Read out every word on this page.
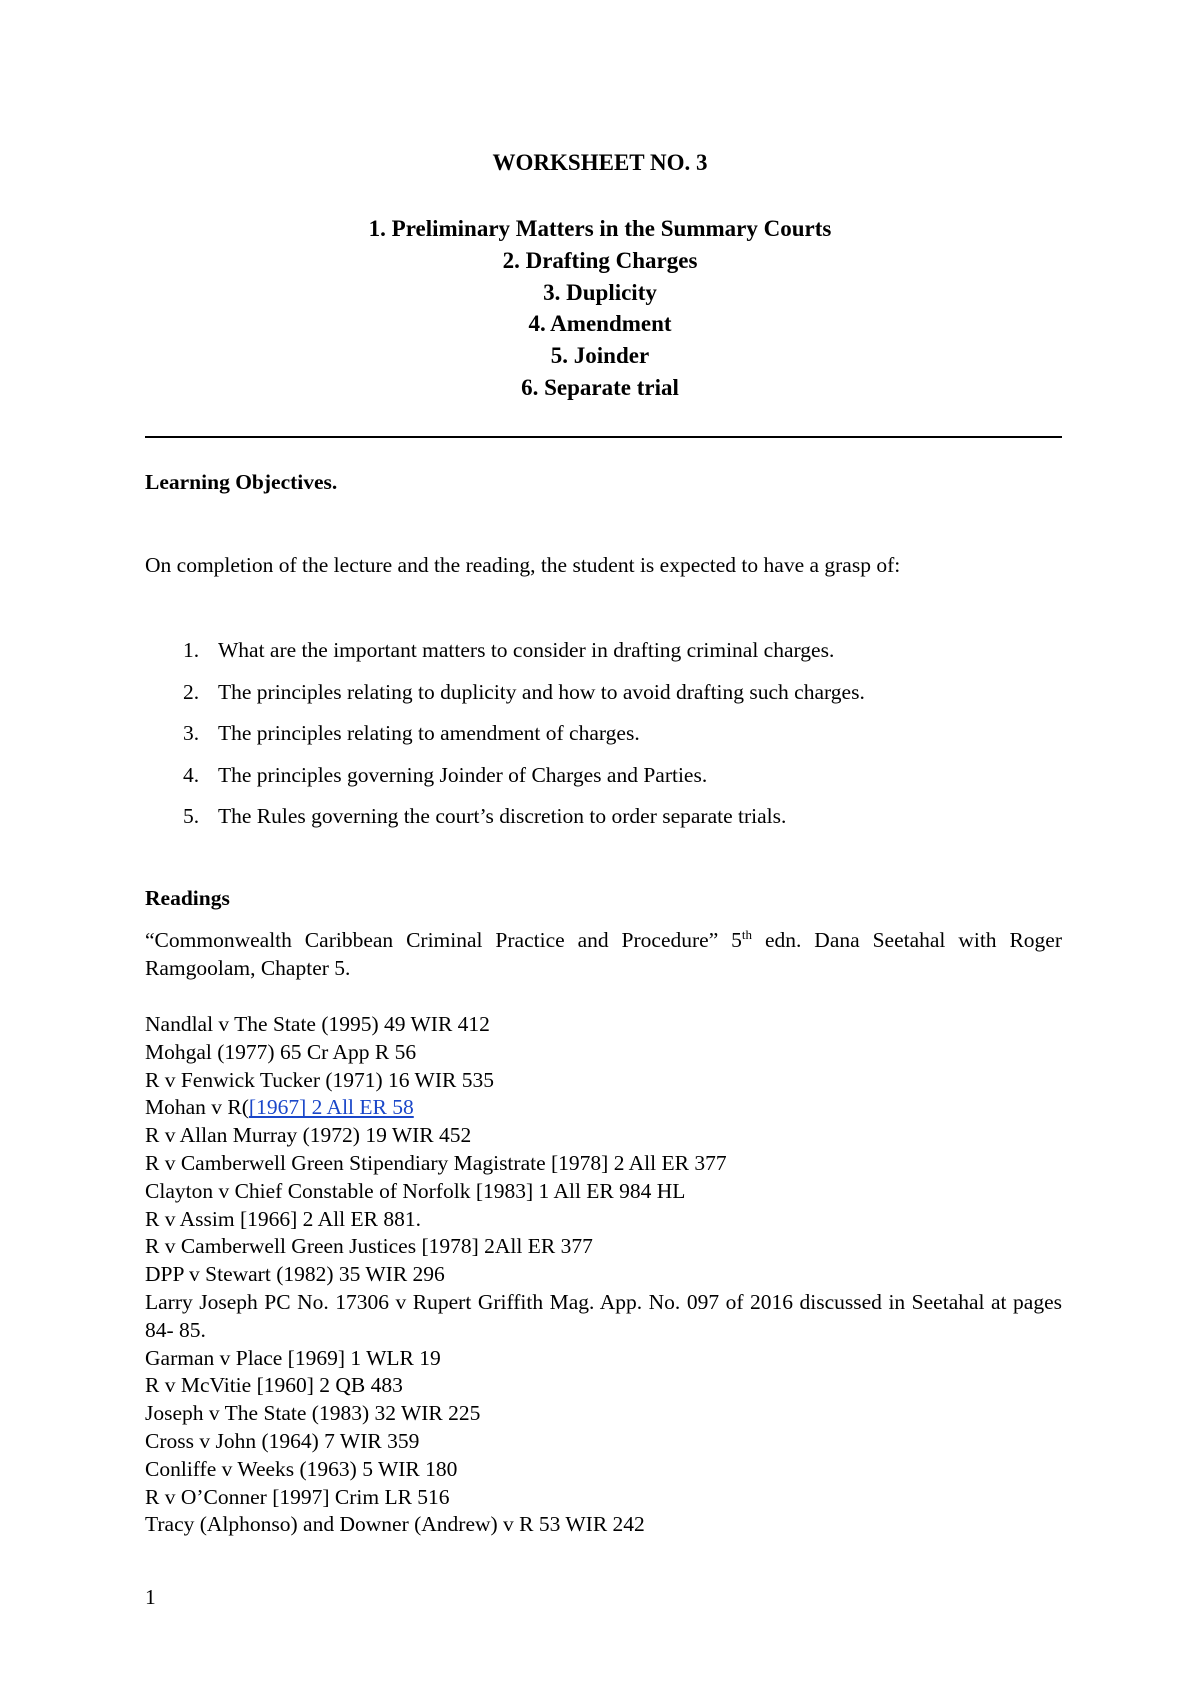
WORKSHEET NO. 3
1. Preliminary Matters in the Summary Courts
2. Drafting Charges
3. Duplicity
4. Amendment
5. Joinder
6. Separate trial
Learning Objectives.
On completion of the lecture and the reading, the student is expected to have a grasp of:
1. What are the important matters to consider in drafting criminal charges.
2. The principles relating to duplicity and how to avoid drafting such charges.
3. The principles relating to amendment of charges.
4. The principles governing Joinder of Charges and Parties.
5. The Rules governing the court’s discretion to order separate trials.
Readings
“Commonwealth Caribbean Criminal Practice and Procedure” 5th edn. Dana Seetahal with Roger Ramgoolam, Chapter 5.
Nandlal v The State (1995) 49 WIR 412
Mohgal (1977) 65 Cr App R 56
R v Fenwick Tucker (1971) 16 WIR 535
Mohan v R([1967] 2 All ER 58
R v Allan Murray (1972) 19 WIR 452
R v Camberwell Green Stipendiary Magistrate [1978] 2 All ER 377
Clayton v Chief Constable of Norfolk [1983] 1 All ER 984 HL
R v Assim [1966] 2 All ER 881.
R v Camberwell Green Justices [1978] 2All ER 377
DPP v Stewart (1982) 35 WIR 296
Larry Joseph PC No. 17306 v Rupert Griffith Mag. App. No. 097 of 2016 discussed in Seetahal at pages 84- 85.
Garman v Place [1969] 1 WLR 19
R v McVitie [1960] 2 QB 483
Joseph v The State (1983) 32 WIR 225
Cross v John (1964) 7 WIR 359
Conliffe v Weeks (1963) 5 WIR 180
R v O’Conner [1997] Crim LR 516
Tracy (Alphonso) and Downer (Andrew) v R 53 WIR 242
1
